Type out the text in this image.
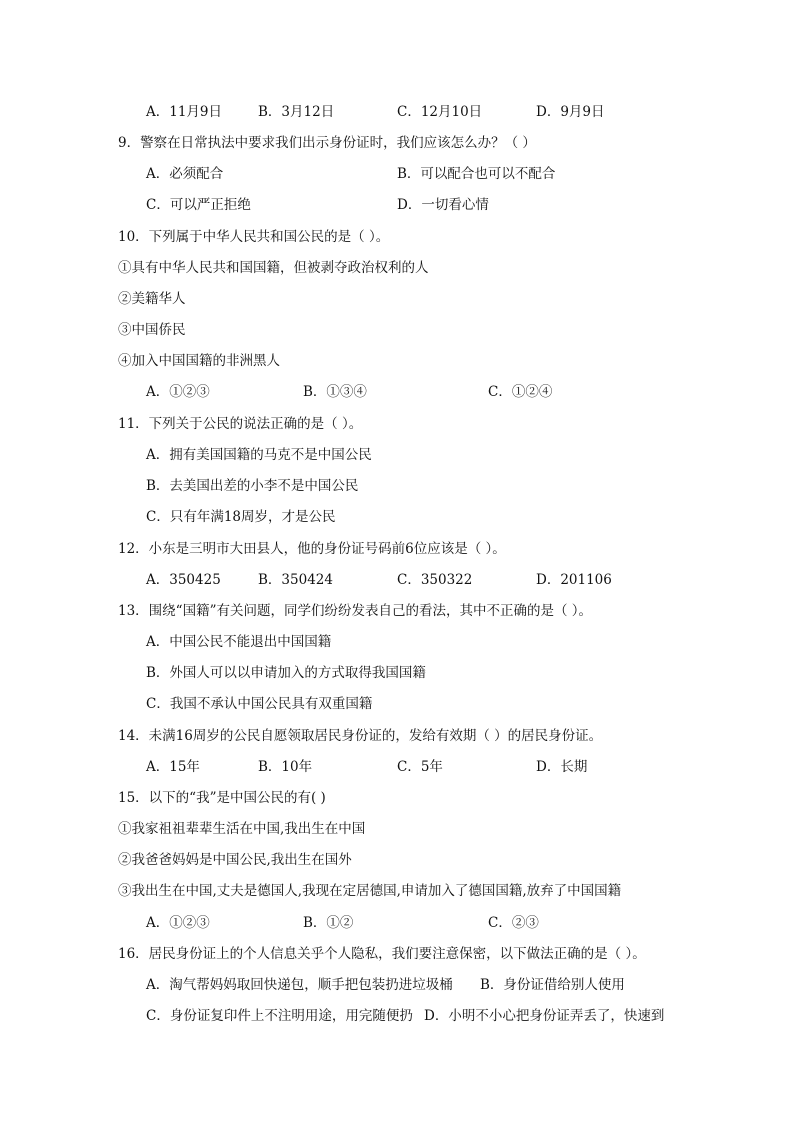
A．11月9日	B．3月12日	C．12月10日	D．9月9日
9．警察在日常执法中要求我们出示身份证时，我们应该怎么办？（ ）
A．必须配合	B．可以配合也可以不配合
C．可以严正拒绝	D．一切看心情
10．下列属于中华人民共和国公民的是（ ）。
①具有中华人民共和国国籍，但被剥夺政治权利的人
②美籍华人
③中国侨民
④加入中国国籍的非洲黑人
A．①②③	B．①③④	C．①②④
11．下列关于公民的说法正确的是（ ）。
A．拥有美国国籍的马克不是中国公民
B．去美国出差的小李不是中国公民
C．只有年满18周岁，才是公民
12．小东是三明市大田县人，他的身份证号码前6位应该是（ ）。
A．350425	B．350424	C．350322	D．201106
13．围绕“国籍”有关问题，同学们纷纷发表自己的看法，其中不正确的是（ ）。
A．中国公民不能退出中国国籍
B．外国人可以以申请加入的方式取得我国国籍
C．我国不承认中国公民具有双重国籍
14．未满16周岁的公民自愿领取居民身份证的，发给有效期（ ）的居民身份证。
A．15年	B．10年	C．5年	D．长期
15．以下的“我”是中国公民的有( )
①我家祖祖辈辈生活在中国,我出生在中国
②我爸爸妈妈是中国公民,我出生在国外
③我出生在中国,丈夫是德国人,我现在定居德国,申请加入了德国国籍,放弃了中国国籍
A．①②③	B．①②	C．②③
16．居民身份证上的个人信息关乎个人隐私，我们要注意保密，以下做法正确的是（ ）。
A．淘气帮妈妈取回快递包，顺手把包装扔进垃圾桶 B．身份证借给别人使用
C．身份证复印件上不注明用途，用完随便扔 D．小明不小心把身份证弄丢了，快速到
